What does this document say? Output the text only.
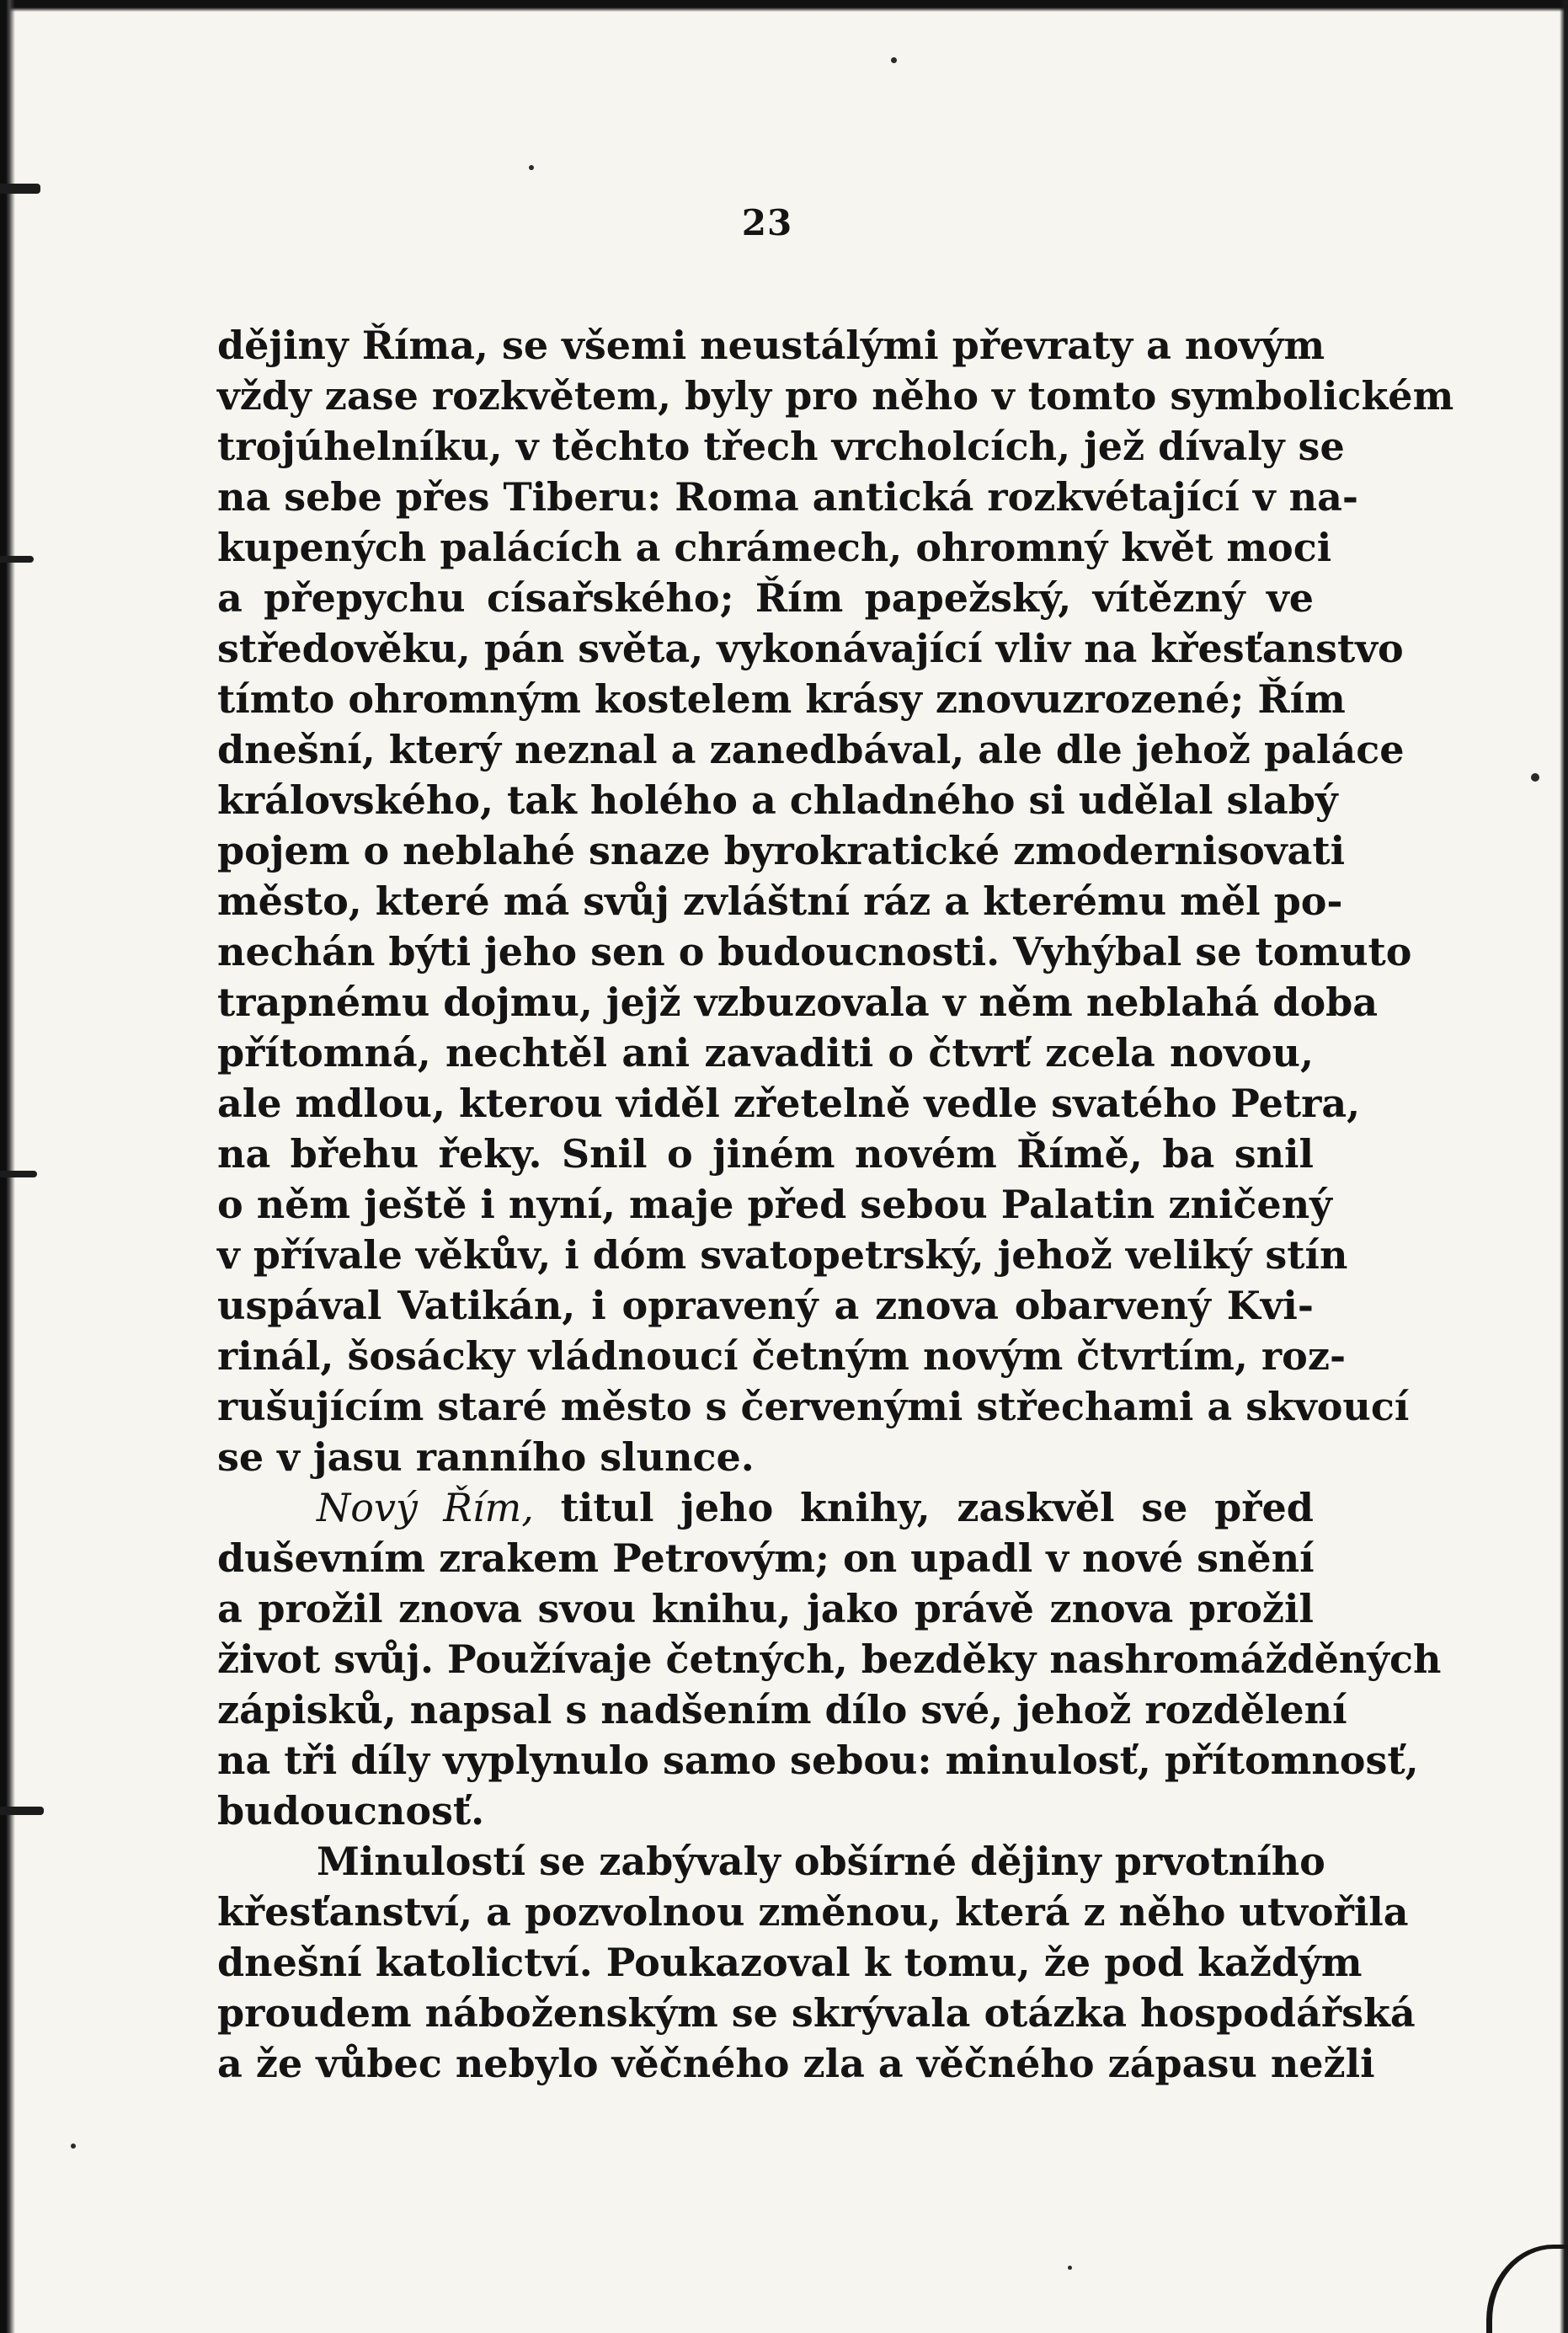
23
dějiny Říma, se všemi neustálými převraty a novým
vždy zase rozkvětem, byly pro něho v tomto symbolickém
trojúhelníku, v těchto třech vrcholcích, jež dívaly se
na sebe přes Tiberu: Roma antická rozkvétající v na-
kupených palácích a chrámech, ohromný květ moci
a přepychu císařského; Řím papežský, vítězný ve
středověku, pán světa, vykonávající vliv na křesťanstvo
tímto ohromným kostelem krásy znovuzrozené; Řím
dnešní, který neznal a zanedbával, ale dle jehož paláce
královského, tak holého a chladného si udělal slabý
pojem o neblahé snaze byrokratické zmodernisovati
město, které má svůj zvláštní ráz a kterému měl po-
nechán býti jeho sen o budoucnosti. Vyhýbal se tomuto
trapnému dojmu, jejž vzbuzovala v něm neblahá doba
přítomná, nechtěl ani zavaditi o čtvrť zcela novou,
ale mdlou, kterou viděl zřetelně vedle svatého Petra,
na břehu řeky. Snil o jiném novém Římě, ba snil
o něm ještě i nyní, maje před sebou Palatin zničený
v přívale věkův, i dóm svatopetrský, jehož veliký stín
uspával Vatikán, i opravený a znova obarvený Kvi-
rinál, šosácky vládnoucí četným novým čtvrtím, roz-
rušujícím staré město s červenými střechami a skvoucí
se v jasu ranního slunce.
Nový Řím, titul jeho knihy, zaskvěl se před
duševním zrakem Petrovým; on upadl v nové snění
a prožil znova svou knihu, jako právě znova prožil
život svůj. Používaje četných, bezděky nashromážděných
zápisků, napsal s nadšením dílo své, jehož rozdělení
na tři díly vyplynulo samo sebou: minulosť, přítomnosť,
budoucnosť.
Minulostí se zabývaly obšírné dějiny prvotního
křesťanství, a pozvolnou změnou, která z něho utvořila
dnešní katolictví. Poukazoval k tomu, že pod každým
proudem náboženským se skrývala otázka hospodářská
a že vůbec nebylo věčného zla a věčného zápasu nežli
